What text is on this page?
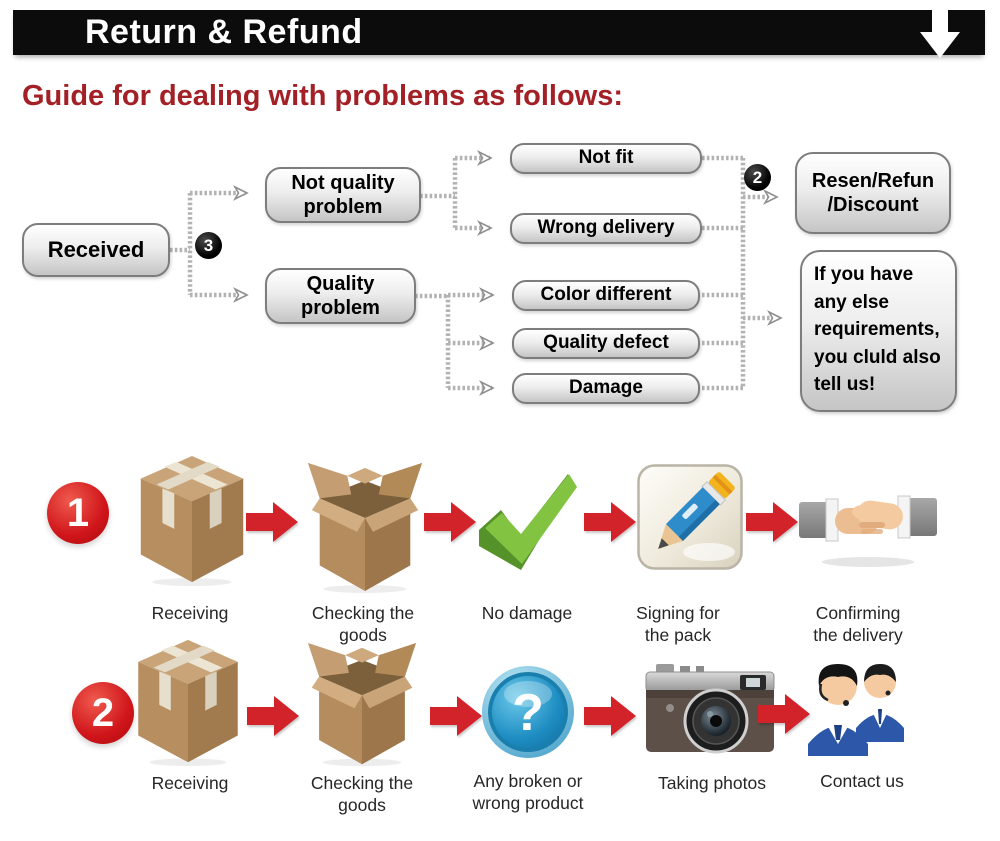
Return & Refund
Guide for dealing with problems as follows:
Received
Not quality problem
Quality problem
Not fit
Wrong delivery
Color different
Quality defect
Damage
Resen/Refun /Discount
If you have any else requirements, you cluld also tell us!
3
2
1
Receiving	Checking the goods
No damage	Signing for the pack
Confirming the delivery
2	?
Receiving	Checking the goods
Any broken or wrong product
Taking photos	Contact us
